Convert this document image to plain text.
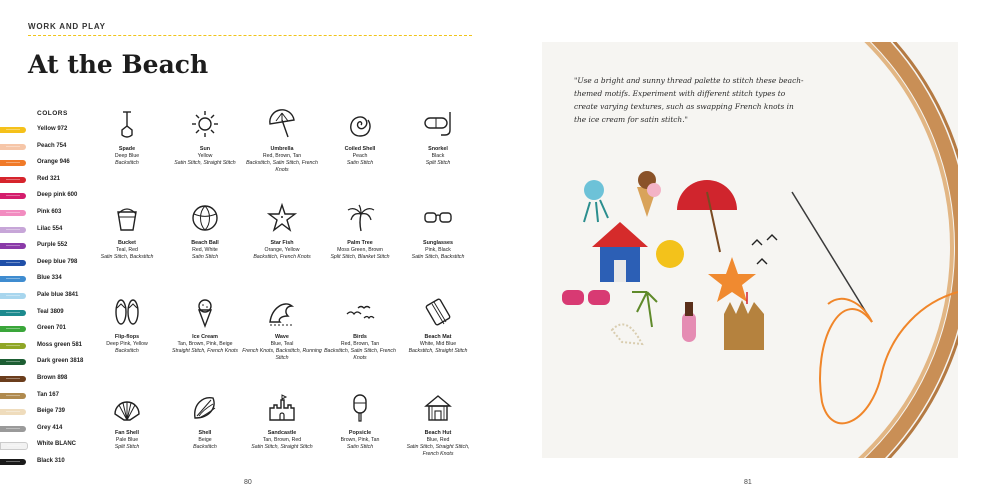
WORK AND PLAY
At the Beach
COLORS
Yellow 972
Peach 754
Orange 946
Red 321
Deep pink 600
Pink 603
Lilac 554
Purple 552
Deep blue 798
Blue 334
Pale blue 3841
Teal 3809
Green 701
Moss green 581
Dark green 3818
Brown 898
Tan 167
Beige 739
Grey 414
White BLANC
Black 310
Spade
Deep Blue
Backstitch
Sun
Yellow
Satin Stitch, Straight Stitch
Umbrella
Red, Brown, Tan
Backstitch, Satin Stitch, French Knots
Coiled Shell
Peach
Satin Stitch
Snorkel
Black
Split Stitch
Bucket
Teal, Red
Satin Stitch, Backstitch
Beach Ball
Red, White
Satin Stitch
Star Fish
Orange, Yellow
Backstitch, French Knots
Palm Tree
Moss Green, Brown
Split Stitch, Blanket Stitch
Sunglasses
Pink, Black
Satin Stitch, Backstitch
Flip-flops
Deep Pink, Yellow
Backstitch
Ice Cream
Tan, Brown, Pink, Beige
Straight Stitch, French Knots
Wave
Blue, Teal
French Knots, Backstitch, Running Stitch
Birds
Red, Brown, Tan
Backstitch, Satin Stitch, French Knots
Beach Mat
White, Mid Blue
Backstitch, Straight Stitch
Fan Shell
Pale Blue
Split Stitch
Shell
Beige
Backstitch
Sandcastle
Tan, Brown, Red
Satin Stitch, Straight Stitch
Popsicle
Brown, Pink, Tan
Satin Stitch
Beach Hut
Blue, Red
Satin Stitch, Straight Stitch, French Knots
80
"Use a bright and sunny thread palette to stitch these beach-themed motifs. Experiment with different stitch types to create varying textures, such as swapping French knots in the ice cream for satin stitch."
81
